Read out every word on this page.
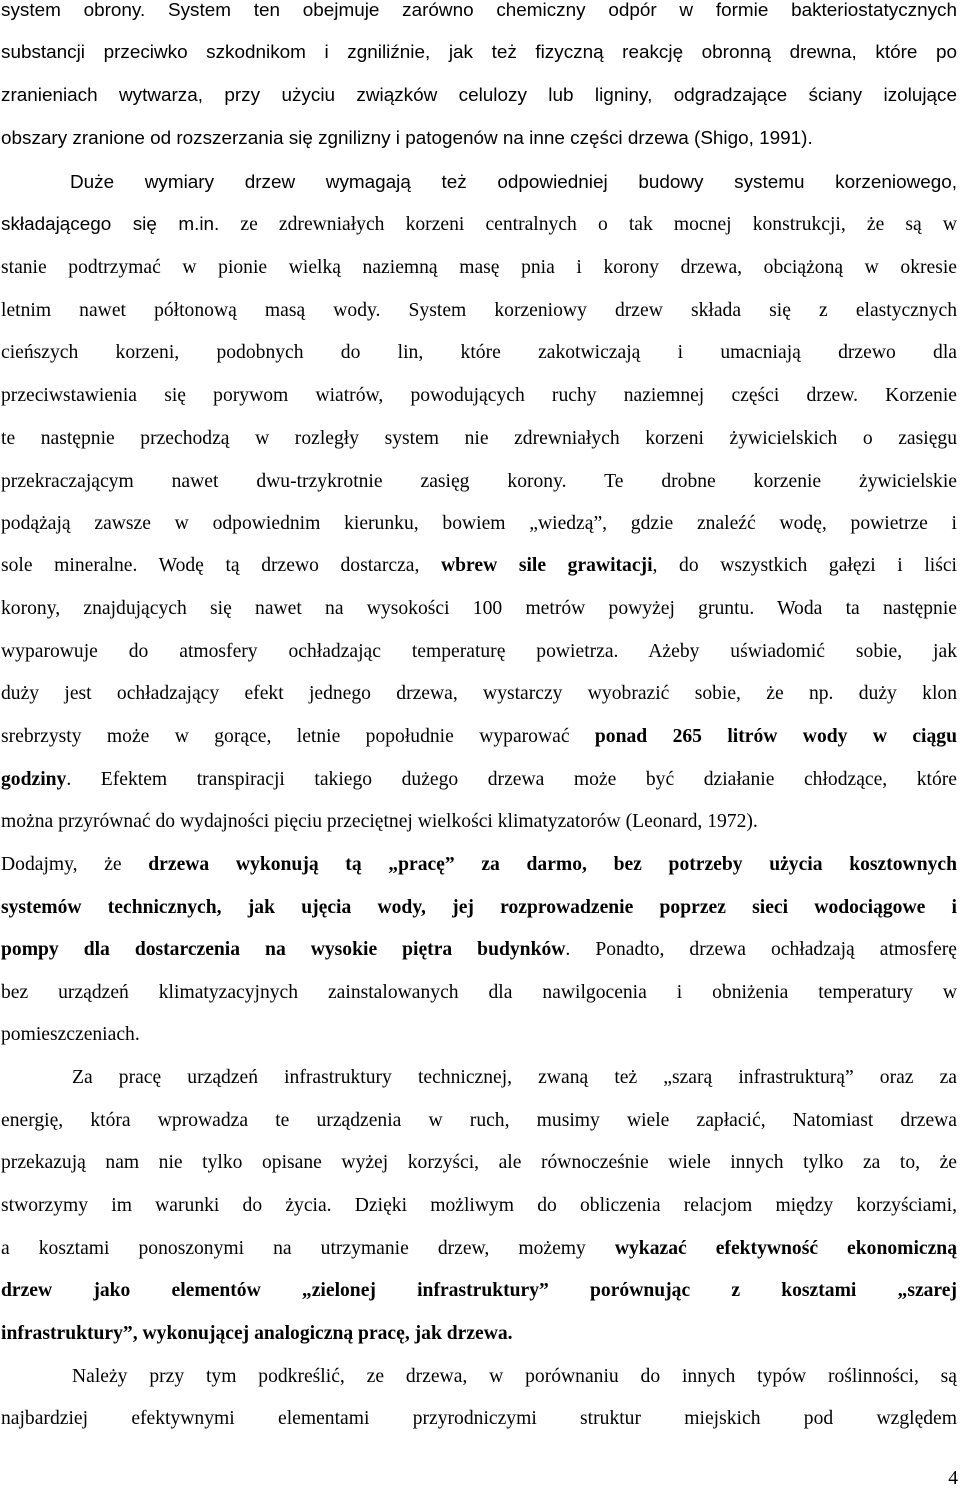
system obrony. System ten obejmuje zarówno chemiczny odpór w formie bakteriostatycznych
substancji przeciwko szkodnikom i zgniliźnie, jak też fizyczną reakcję obronną drewna, które po
zranieniach wytwarza, przy użyciu związków celulozy lub ligniny, odgradzające ściany izolujące
obszary zranione od rozszerzania się zgnilizny i patogenów na inne części drzewa (Shigo, 1991).
Duże wymiary drzew wymagają też odpowiedniej budowy systemu korzeniowego,
składającego się m.in. ze zdrewniałych korzeni centralnych o tak mocnej konstrukcji, że są w
stanie podtrzymać w pionie wielką naziemną masę pnia i korony drzewa, obciążoną w okresie
letnim nawet półtonową masą wody. System korzeniowy drzew składa się z elastycznych
cieńszych korzeni, podobnych do lin, które zakotwiczają i umacniają drzewo dla
przeciwstawienia się porywom wiatrów, powodujących ruchy naziemnej części drzew. Korzenie
te następnie przechodzą w rozległy system nie zdrewniałych korzeni żywicielskich o zasięgu
przekraczającym nawet dwu-trzykrotnie zasięg korony. Te drobne korzenie żywicielskie
podążają zawsze w odpowiednim kierunku, bowiem „wiedzą”, gdzie znaleźć wodę, powietrze i
sole mineralne. Wodę tą drzewo dostarcza, wbrew sile grawitacji, do wszystkich gałęzi i liści
korony, znajdujących się nawet na wysokości 100 metrów powyżej gruntu. Woda ta następnie
wyparowuje do atmosfery ochładzając temperaturę powietrza. Ażeby uświadomić sobie, jak
duży jest ochładzający efekt jednego drzewa, wystarczy wyobrazić sobie, że np. duży klon
srebrzysty może w gorące, letnie popołudnie wyparować ponad 265 litrów wody w ciągu
godziny. Efektem transpiracji takiego dużego drzewa może być działanie chłodzące, które
można przyrównać do wydajności pięciu przeciętnej wielkości klimatyzatorów (Leonard, 1972).
Dodajmy, że drzewa wykonują tą „pracę” za darmo, bez potrzeby użycia kosztownych
systemów technicznych, jak ujęcia wody, jej rozprowadzenie poprzez sieci wodociągowe i
pompy dla dostarczenia na wysokie piętra budynków. Ponadto, drzewa ochładzają atmosferę
bez urządzeń klimatyzacyjnych zainstalowanych dla nawilgocenia i obniżenia temperatury w
pomieszczeniach.
Za pracę urządzeń infrastruktury technicznej, zwaną też „szarą infrastrukturą” oraz za
energię, która wprowadza te urządzenia w ruch, musimy wiele zapłacić, Natomiast drzewa
przekazują nam nie tylko opisane wyżej korzyści, ale równocześnie wiele innych tylko za to, że
stworzymy im warunki do życia. Dzięki możliwym do obliczenia relacjom między korzyściami,
a kosztami ponoszonymi na utrzymanie drzew, możemy wykazać efektywność ekonomiczną
drzew jako elementów „zielonej infrastruktury” porównując z kosztami „szarej
infrastruktury”, wykonującej analogiczną pracę, jak drzewa.
Należy przy tym podkreślić, ze drzewa, w porównaniu do innych typów roślinności, są
najbardziej efektywnymi elementami przyrodniczymi struktur miejskich pod względem
4
